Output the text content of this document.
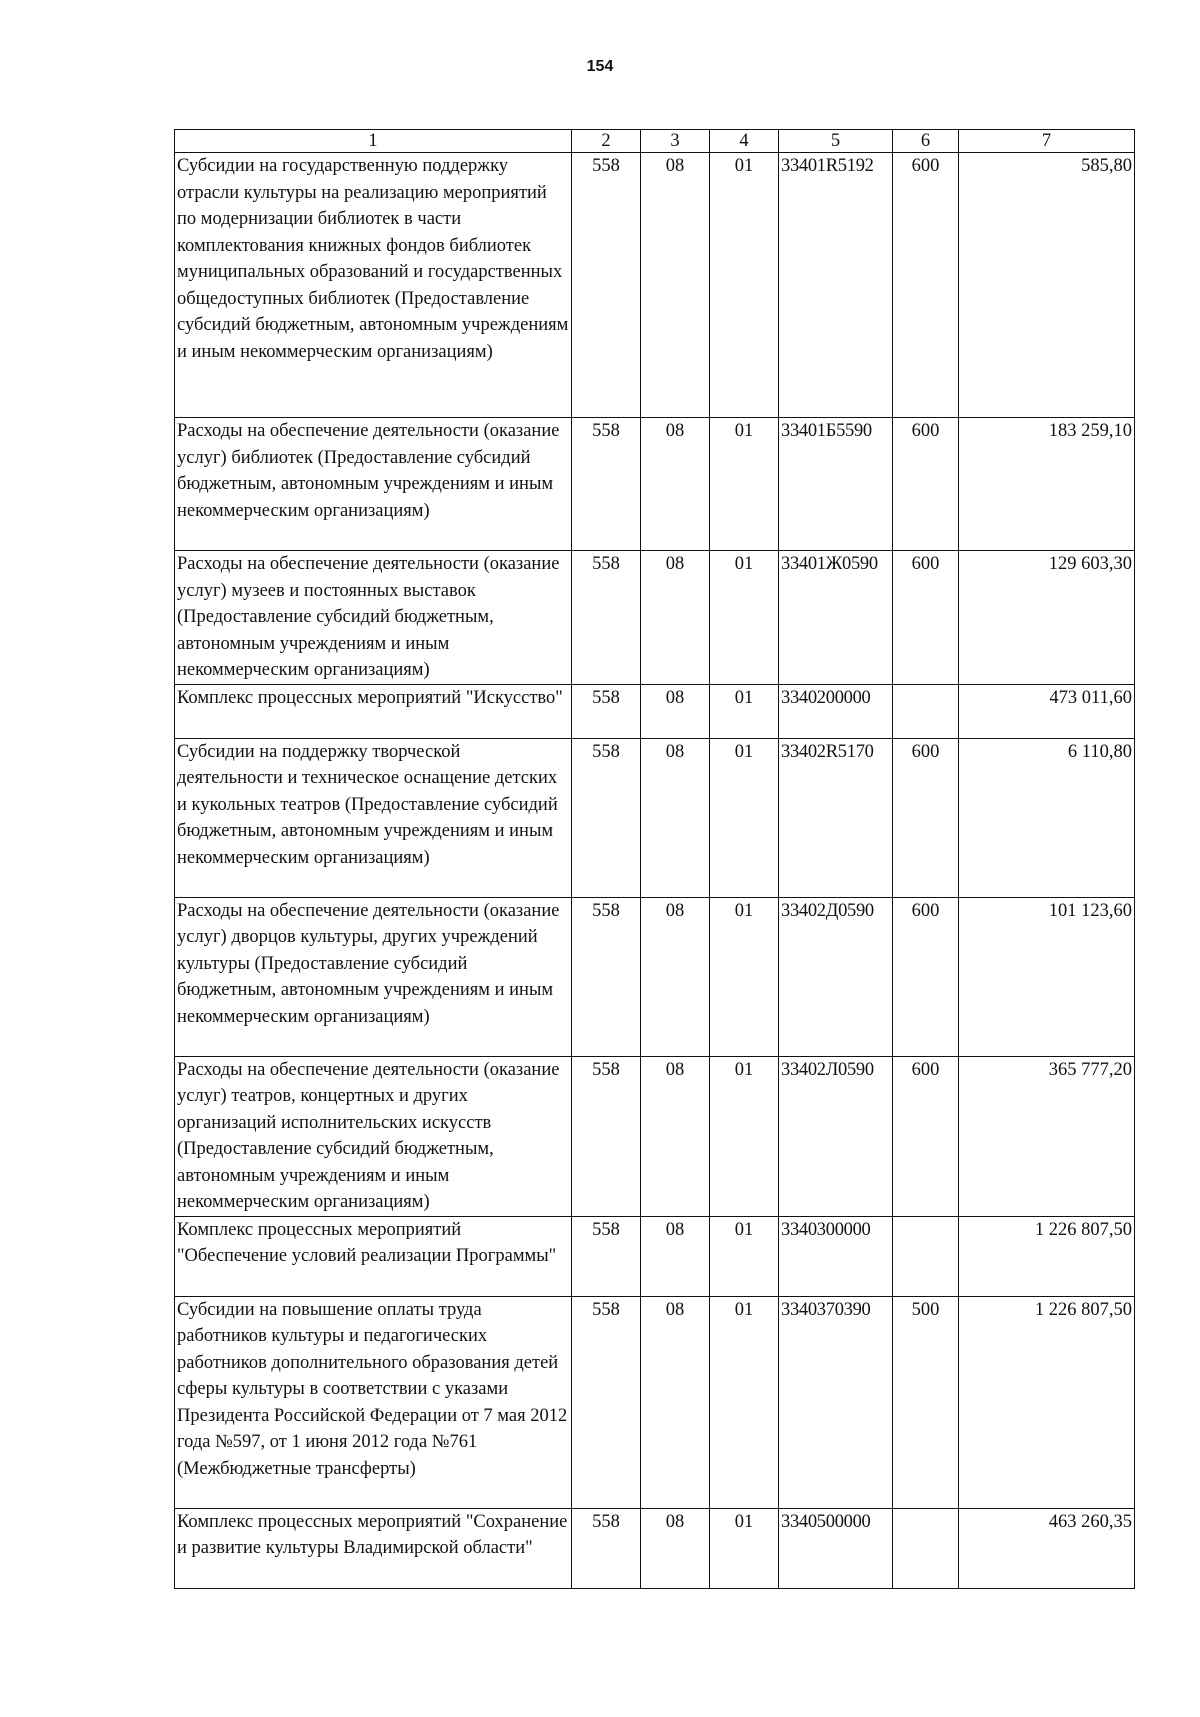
154
1	2	3	4	5	6	7
Субсидии на государственную поддержку отрасли культуры на реализацию мероприятий по модернизации библиотек в части комплектования книжных фондов библиотек муниципальных образований и государственных общедоступных библиотек (Предоставление субсидий бюджетным, автономным учреждениям и иным некоммерческим организациям)	558	08	01	33401R5192	600	585,80
Расходы на обеспечение деятельности (оказание услуг) библиотек (Предоставление субсидий бюджетным, автономным учреждениям и иным некоммерческим организациям)	558	08	01	33401Б5590	600	183 259,10
Расходы на обеспечение деятельности (оказание услуг) музеев и постоянных выставок (Предоставление субсидий бюджетным, автономным учреждениям и иным некоммерческим организациям)	558	08	01	33401Ж0590	600	129 603,30
Комплекс процессных мероприятий "Искусство"	558	08	01	3340200000		473 011,60
Субсидии на поддержку творческой деятельности и техническое оснащение детских и кукольных театров (Предоставление субсидий бюджетным, автономным учреждениям и иным некоммерческим организациям)	558	08	01	33402R5170	600	6 110,80
Расходы на обеспечение деятельности (оказание услуг) дворцов культуры, других учреждений культуры (Предоставление субсидий бюджетным, автономным учреждениям и иным некоммерческим организациям)	558	08	01	33402Д0590	600	101 123,60
Расходы на обеспечение деятельности (оказание услуг) театров, концертных и других организаций исполнительских искусств (Предоставление субсидий бюджетным, автономным учреждениям и иным некоммерческим организациям)	558	08	01	33402Л0590	600	365 777,20
Комплекс процессных мероприятий "Обеспечение условий реализации Программы"	558	08	01	3340300000		1 226 807,50
Субсидии на повышение оплаты труда работников культуры и педагогических работников дополнительного образования детей сферы культуры в соответствии с указами Президента Российской Федерации от 7 мая 2012 года №597, от 1 июня 2012 года №761 (Межбюджетные трансферты)	558	08	01	3340370390	500	1 226 807,50
Комплекс процессных мероприятий "Сохранение и развитие культуры Владимирской области"	558	08	01	3340500000		463 260,35
